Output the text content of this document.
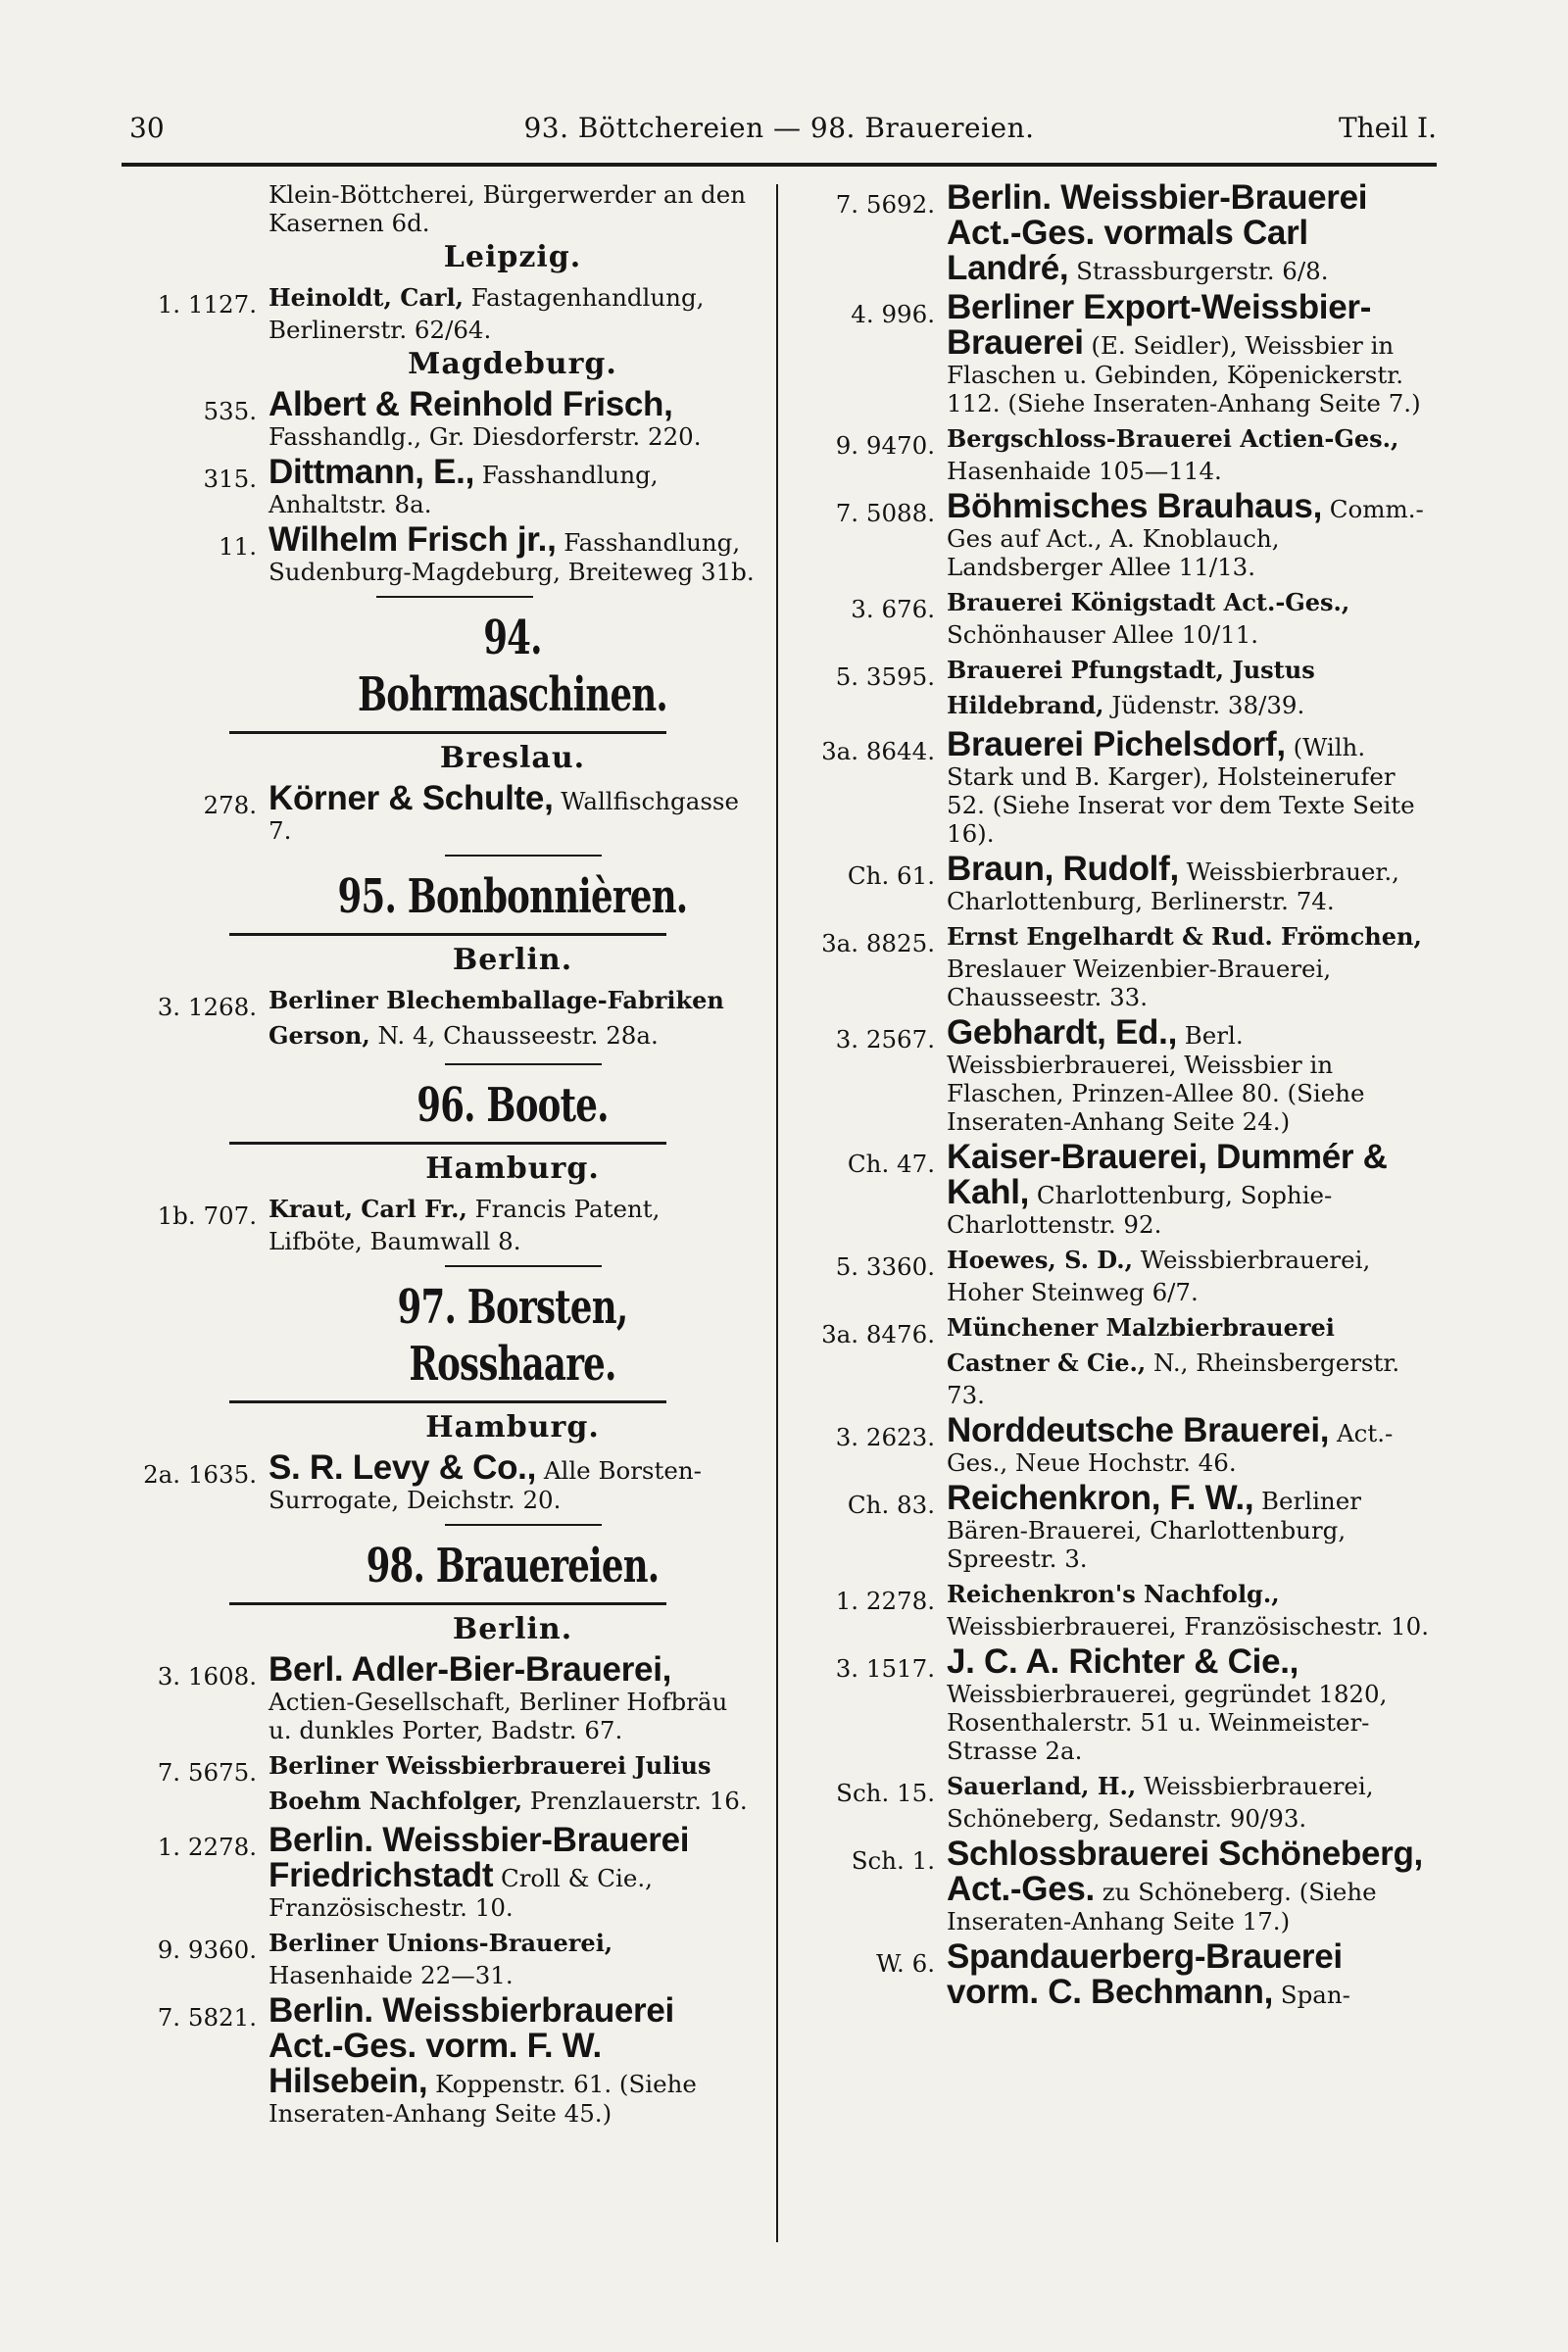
30	93. Böttchereien — 98. Brauereien.	Theil I.
Klein-Böttcherei, Bürgerwerder an den Kasernen 6d.
Leipzig.
1. 1127. Heinoldt, Carl, Fastagenhandlung, Berlinerstr. 62/64.
Magdeburg.
535. Albert & Reinhold Frisch, Fasshandlg., Gr. Diesdorferstr. 220.
315. Dittmann, E., Fasshandlung, Anhaltstr. 8a.
11. Wilhelm Frisch jr., Fasshandlung, Sudenburg-Magdeburg, Breiteweg 31b.
94. Bohrmaschinen.
Breslau.
278. Körner & Schulte, Wallfischgasse 7.
95. Bonbonnièren.
Berlin.
3. 1268. Berliner Blechemballage-Fabriken Gerson, N. 4, Chausseestr. 28a.
96. Boote.
Hamburg.
1b. 707. Kraut, Carl Fr., Francis Patent, Lifböte, Baumwall 8.
97. Borsten, Rosshaare.
Hamburg.
2a. 1635. S. R. Levy & Co., Alle Borsten-Surrogate, Deichstr. 20.
98. Brauereien.
Berlin.
3. 1608. Berl. Adler-Bier-Brauerei, Actien-Gesellschaft, Berliner Hofbräu u. dunkles Porter, Badstr. 67.
7. 5675. Berliner Weissbierbrauerei Julius Boehm Nachfolger, Prenzlauerstr. 16.
1. 2278. Berlin. Weissbier-Brauerei Friedrichstadt Croll & Cie., Französischestr. 10.
9. 9360. Berliner Unions-Brauerei, Hasenhaide 22—31.
7. 5821. Berlin. Weissbierbrauerei Act.-Ges. vorm. F. W. Hilsebein, Koppenstr. 61. (Siehe Inseraten-Anhang Seite 45.)
7. 5692. Berlin. Weissbier-Brauerei Act.-Ges. vormals Carl Landré, Strassburgerstr. 6/8.
4. 996. Berliner Export-Weissbier-Brauerei (E. Seidler), Weissbier in Flaschen u. Gebinden, Köpenickerstr. 112. (Siehe Inseraten-Anhang Seite 7.)
9. 9470. Bergschloss-Brauerei Actien-Ges., Hasenhaide 105—114.
7. 5088. Böhmisches Brauhaus, Comm.-Ges auf Act., A. Knoblauch, Landsberger Allee 11/13.
3. 676. Brauerei Königstadt Act.-Ges., Schönhauser Allee 10/11.
5. 3595. Brauerei Pfungstadt, Justus Hildebrand, Jüdenstr. 38/39.
3a. 8644. Brauerei Pichelsdorf, (Wilh. Stark und B. Karger), Holsteinerufer 52. (Siehe Inserat vor dem Texte Seite 16).
Ch. 61. Braun, Rudolf, Weissbierbrauer., Charlottenburg, Berlinerstr. 74.
3a. 8825. Ernst Engelhardt & Rud. Frömchen, Breslauer Weizenbier-Brauerei, Chausseestr. 33.
3. 2567. Gebhardt, Ed., Berl. Weissbierbrauerei, Weissbier in Flaschen, Prinzen-Allee 80. (Siehe Inseraten-Anhang Seite 24.)
Ch. 47. Kaiser-Brauerei, Dummér & Kahl, Charlottenburg, Sophie-Charlottenstr. 92.
5. 3360. Hoewes, S. D., Weissbierbrauerei, Hoher Steinweg 6/7.
3a. 8476. Münchener Malzbierbrauerei Castner & Cie., N., Rheinsbergerstr. 73.
3. 2623. Norddeutsche Brauerei, Act.-Ges., Neue Hochstr. 46.
Ch. 83. Reichenkron, F. W., Berliner Bären-Brauerei, Charlottenburg, Spreestr. 3.
1. 2278. Reichenkron's Nachfolg., Weissbierbrauerei, Französischestr. 10.
3. 1517. J. C. A. Richter & Cie., Weissbierbrauerei, gegründet 1820, Rosenthalerstr. 51 u. Weinmeister-Strasse 2a.
Sch. 15. Sauerland, H., Weissbierbrauerei, Schöneberg, Sedanstr. 90/93.
Sch. 1. Schlossbrauerei Schöneberg, Act.-Ges. zu Schöneberg. (Siehe Inseraten-Anhang Seite 17.)
W. 6. Spandauerberg-Brauerei vorm. C. Bechmann, Span-
